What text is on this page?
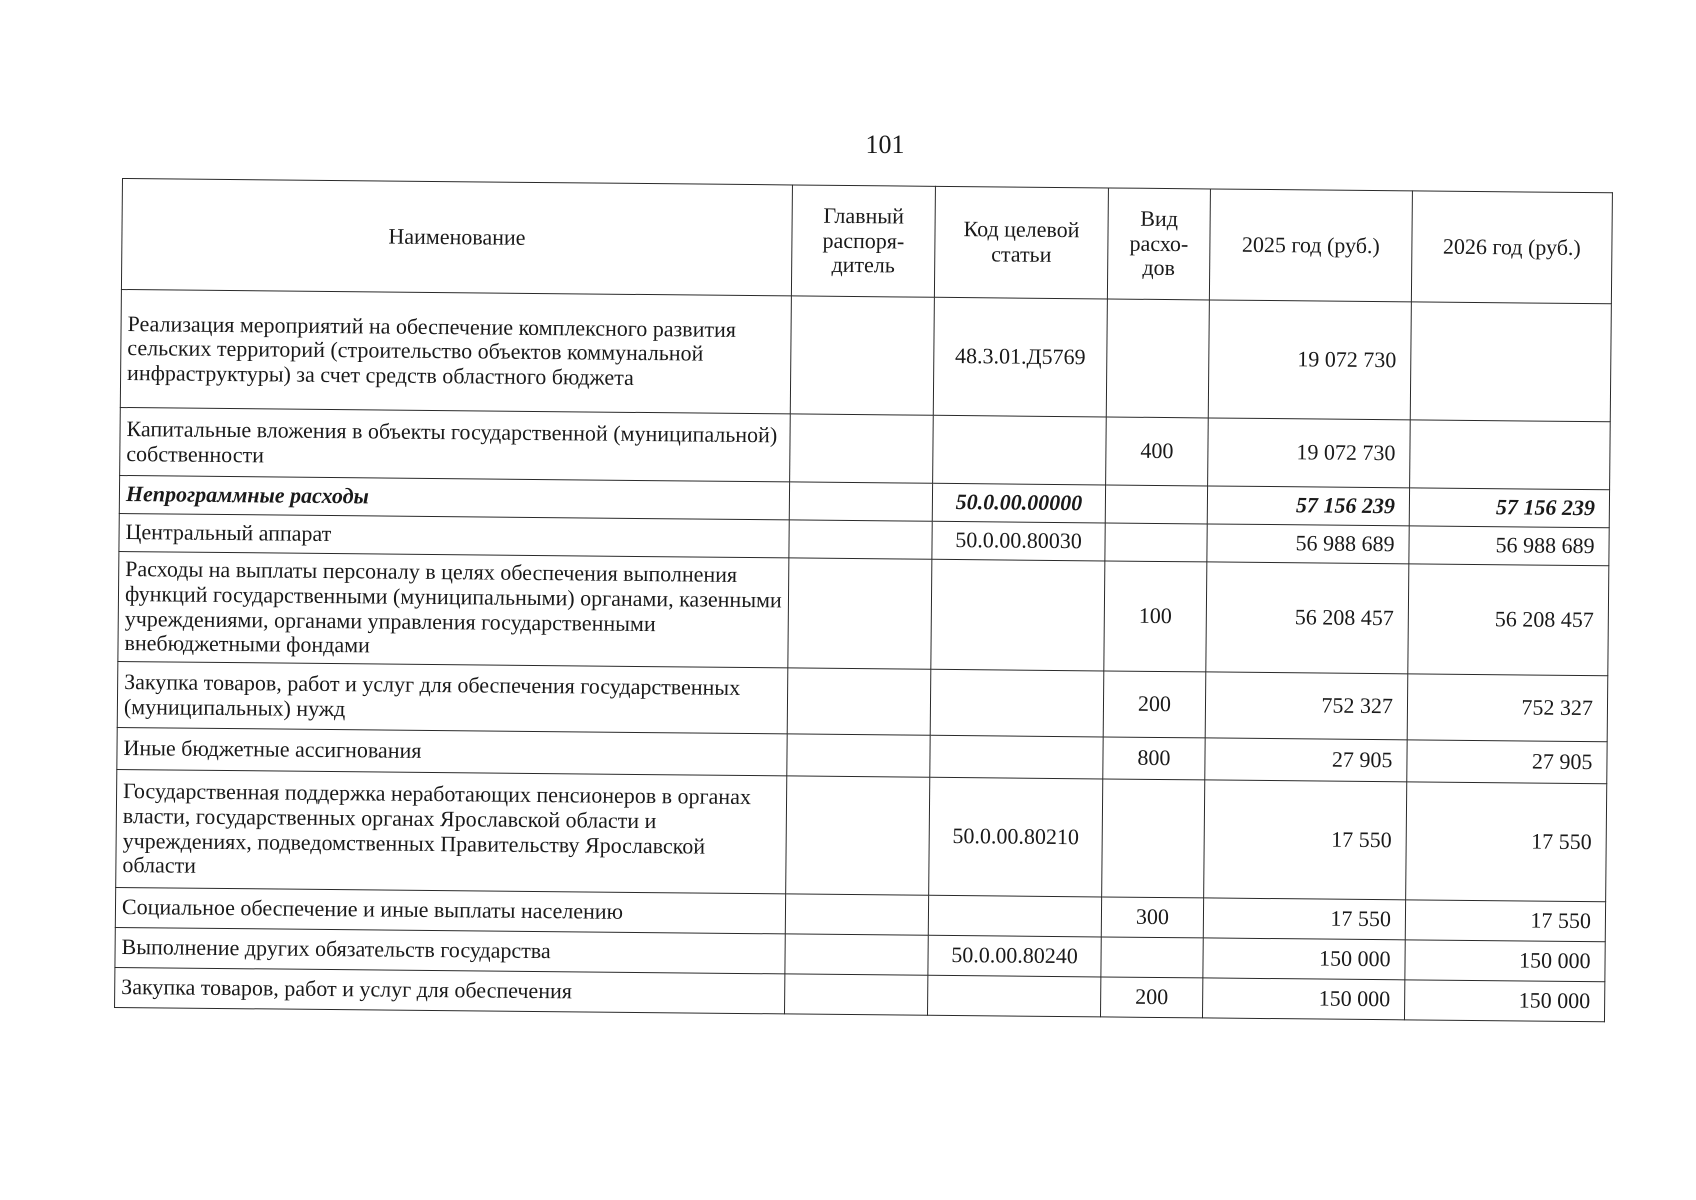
101
Наименование	Главный распоря-дитель	Код целевой статьи	Вид расхо-дов	2025 год (руб.)	2026 год (руб.)
Реализация мероприятий на обеспечение комплексного развития сельских территорий (строительство объектов коммунальной инфраструктуры) за счет средств областного бюджета		48.3.01.Д5769		19 072 730	
Капитальные вложения в объекты государственной (муниципальной) собственности			400	19 072 730	
Непрограммные расходы		50.0.00.00000		57 156 239	57 156 239
Центральный аппарат		50.0.00.80030		56 988 689	56 988 689
Расходы на выплаты персоналу в целях обеспечения выполнения функций государственными (муниципальными) органами, казенными учреждениями, органами управления государственными внебюджетными фондами			100	56 208 457	56 208 457
Закупка товаров, работ и услуг для обеспечения государственных (муниципальных) нужд			200	752 327	752 327
Иные бюджетные ассигнования			800	27 905	27 905
Государственная поддержка неработающих пенсионеров в органах власти, государственных органах Ярославской области и учреждениях, подведомственных Правительству Ярославской области		50.0.00.80210		17 550	17 550
Социальное обеспечение и иные выплаты населению			300	17 550	17 550
Выполнение других обязательств государства		50.0.00.80240		150 000	150 000
Закупка товаров, работ и услуг для обеспечения			200	150 000	150 000
